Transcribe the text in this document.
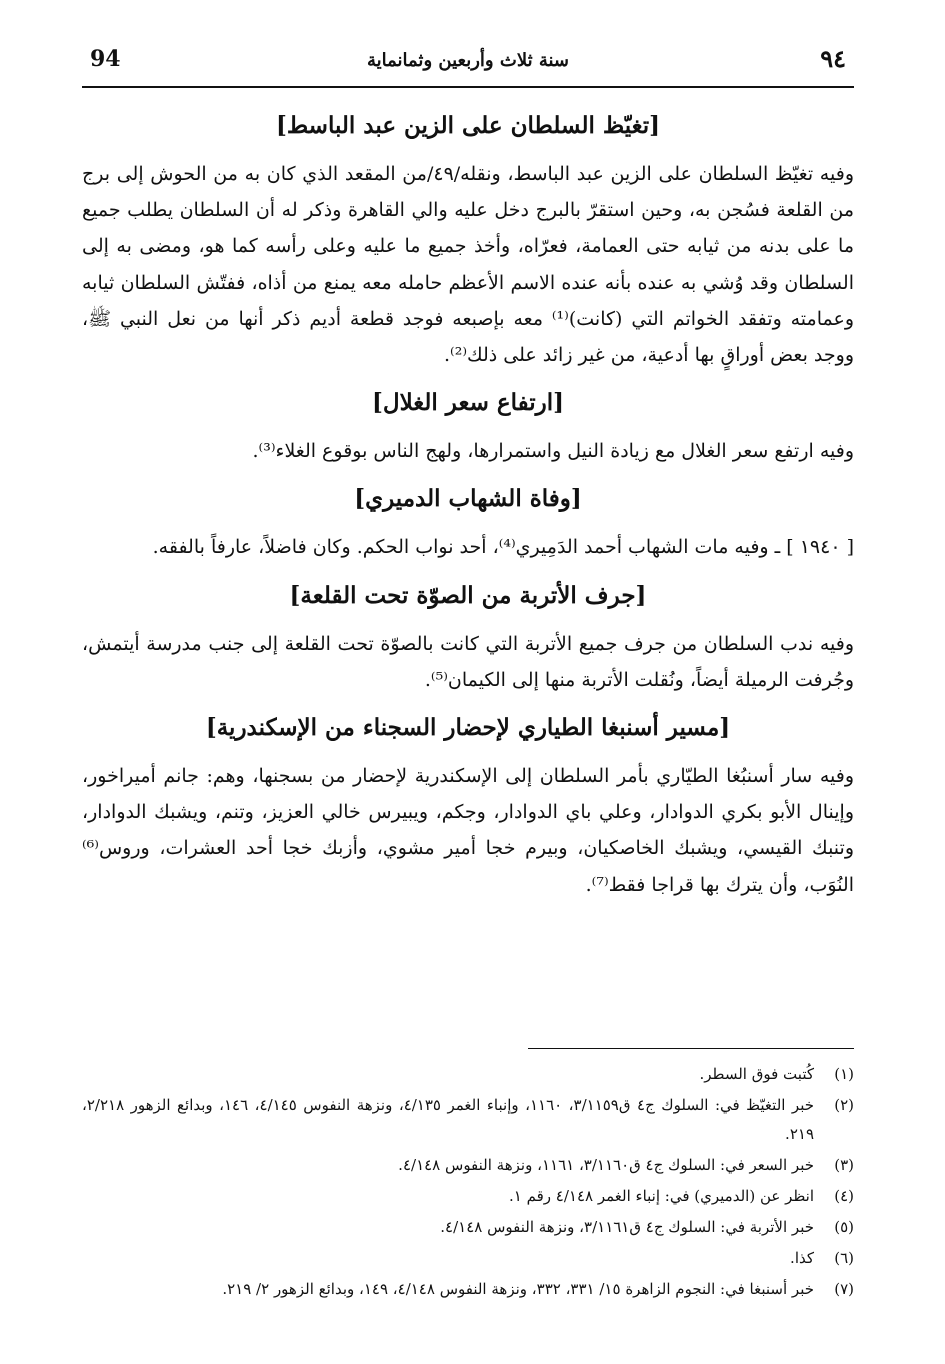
94	سنة ثلاث وأربعين وثمانماية	٩٤
[تغيّظ السلطان على الزين عبد الباسط]

وفيه تغيّظ السلطان على الزين عبد الباسط، ونقله/٤٩/من المقعد الذي كان به من الحوش إلى برج من القلعة فسُجن به، وحين استقرّ بالبرج دخل عليه والي القاهرة وذكر له أن السلطان يطلب جميع ما على بدنه من ثيابه حتى العمامة، فعرّاه، وأخذ جميع ما عليه وعلى رأسه كما هو، ومضى به إلى السلطان وقد وُشي به عنده بأنه عنده الاسم الأعظم حامله معه يمنع من أذاه، ففتّش السلطان ثيابه وعمامته وتفقد الخواتم التي (كانت)⁽¹⁾ معه بإصبعه فوجد قطعة أديم ذكر أنها من نعل النبي ﷺ، ووجد بعض أوراقٍ بها أدعية، من غير زائد على ذلك⁽²⁾.

[ارتفاع سعر الغلال]

وفيه ارتفع سعر الغلال مع زيادة النيل واستمرارها، ولهج الناس بوقوع الغلاء⁽³⁾.

[وفاة الشهاب الدميري]

[ ١٩٤٠ ] ـ وفيه مات الشهاب أحمد الدَمِيري⁽⁴⁾، أحد نواب الحكم. وكان فاضلاً، عارفاً بالفقه.

[جرف الأتربة من الصوّة تحت القلعة]

وفيه ندب السلطان من جرف جميع الأتربة التي كانت بالصوّة تحت القلعة إلى جنب مدرسة أيتمش، وجُرفت الرميلة أيضاً، ونُقلت الأتربة منها إلى الكيمان⁽⁵⁾.

[مسير أسنبغا الطياري لإحضار السجناء من الإسكندرية]

وفيه سار أسنبُغا الطيّاري بأمر السلطان إلى الإسكندرية لإحضار من بسجنها، وهم: جانم أميراخور، وإينال الأبو بكري الدوادار، وعلي باي الدوادار، وجكم، ويبيرس خالي العزيز، وتنم، ويشبك الدوادار، وتنبك القيسي، ويشبك الخاصكيان، وبيرم خجا أمير مشوي، وأزبك خجا أحد العشرات، وروس⁽⁶⁾ النُوَب، وأن يترك بها قراجا فقط⁽⁷⁾.

(١)
كُتبت فوق السطر.
(٢)
خبر التغيّظ في: السلوك ج٤ ق٣/١١٥٩، ١١٦٠، وإنباء الغمر ٤/١٣٥، ونزهة النفوس ٤/١٤٥، ١٤٦، وبدائع الزهور ٢/٢١٨، ٢١٩.
(٣)
خبر السعر في: السلوك ج٤ ق٣/١١٦٠، ١١٦١، ونزهة النفوس ٤/١٤٨.
(٤)
انظر عن (الدميري) في: إنباء الغمر ٤/١٤٨ رقم ١.
(٥)
خبر الأتربة في: السلوك ج٤ ق٣/١١٦١، ونزهة النفوس ٤/١٤٨.
(٦)
كذا.
(٧)
خبر أسنبغا في: النجوم الزاهرة ١٥/ ٣٣١، ٣٣٢، ونزهة النفوس ٤/١٤٨، ١٤٩، وبدائع الزهور ٢/ ٢١٩.
